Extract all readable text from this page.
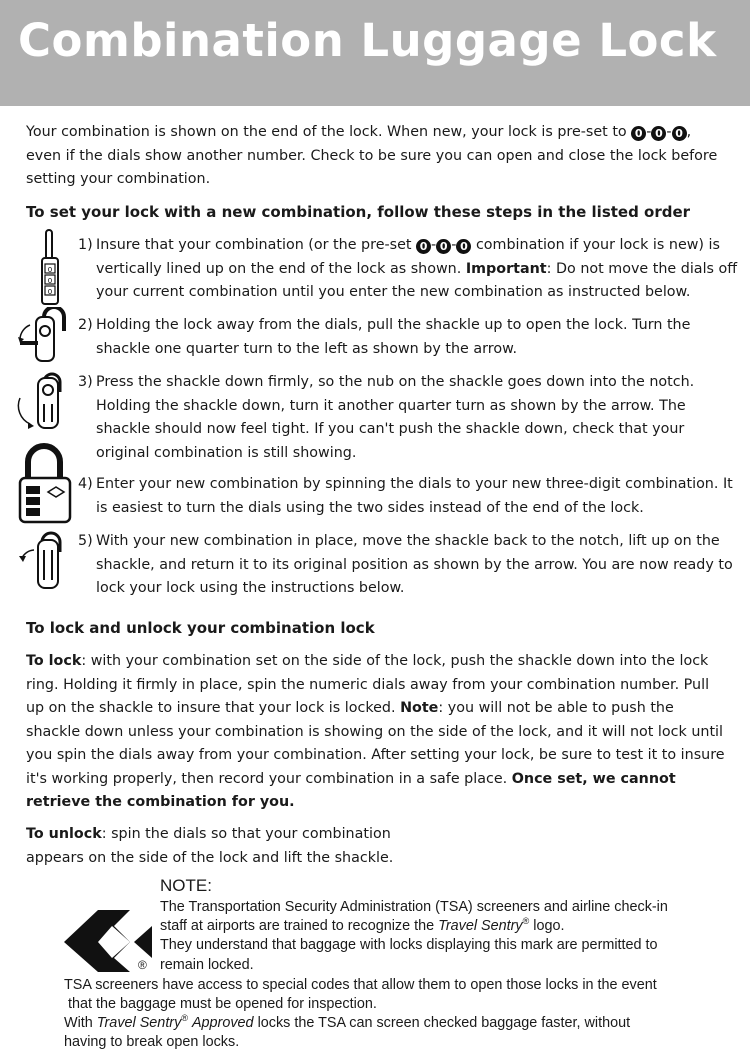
Combination Luggage Lock
Your combination is shown on the end of the lock. When new, your lock is pre-set to 0 - 0 - 0 , even if the dials show another number. Check to be sure you can open and close the lock before setting your combination.
To set your lock with a new combination, follow these steps in the listed order
0
0
0
1) Insure that your combination (or the pre-set 0 - 0 - 0 combination if your lock is new) is vertically lined up on the end of the lock as shown. Important: Do not move the dials off your current combination until you enter the new combination as instructed below.
2) Holding the lock away from the dials, pull the shackle up to open the lock. Turn the shackle one quarter turn to the left as shown by the arrow.
3) Press the shackle down firmly, so the nub on the shackle goes down into the notch. Holding the shackle down, turn it another quarter turn as shown by the arrow. The shackle should now feel tight. If you can't push the shackle down, check that your original combination is still showing.
4) Enter your new combination by spinning the dials to your new three-digit combination. It is easiest to turn the dials using the two sides instead of the end of the lock.
5) With your new combination in place, move the shackle back to the notch, lift up on the shackle, and return it to its original position as shown by the arrow. You are now ready to lock your lock using the instructions below.
To lock and unlock your combination lock
To lock: with your combination set on the side of the lock, push the shackle down into the lock ring. Holding it firmly in place, spin the numeric dials away from your combination number. Pull up on the shackle to insure that your lock is locked. Note: you will not be able to push the shackle down unless your combination is showing on the side of the lock, and it will not lock until you spin the dials away from your combination. After setting your lock, be sure to test it to insure it's working properly, then record your combination in a safe place. Once set, we cannot retrieve the combination for you.
To unlock: spin the dials so that your combination appears on the side of the lock and lift the shackle.
NOTE:
®
The Transportation Security Administration (TSA) screeners and airline check-in
staff at airports are trained to recognize the Travel Sentry® logo.
They understand that baggage with locks displaying this mark are permitted to
remain locked.
TSA screeners have access to special codes that allow them to open those locks in the event
that the baggage must be opened for inspection.
With Travel Sentry® Approved locks the TSA can screen checked baggage faster, without
having to break open locks.
